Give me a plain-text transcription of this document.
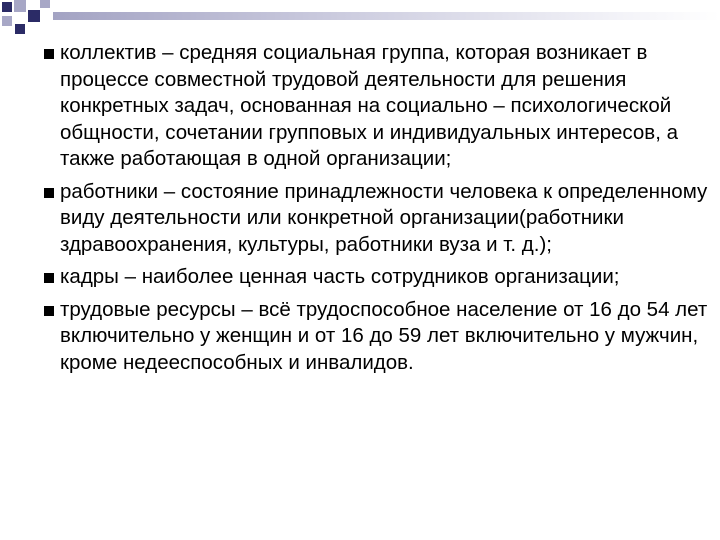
коллектив – средняя социальная группа, которая возникает в процессе совместной трудовой деятельности для решения конкретных задач, основанная на социально – психологической общности, сочетании групповых и индивидуальных интересов, а также работающая в одной организации;
работники – состояние принадлежности человека к определенному виду деятельности или конкретной организации(работники здравоохранения, культуры, работники вуза и т. д.);
кадры – наиболее ценная часть сотрудников организации;
трудовые ресурсы – всё трудоспособное население от 16 до 54 лет включительно у женщин и от 16 до 59 лет включительно у мужчин, кроме недееспособных и инвалидов.
